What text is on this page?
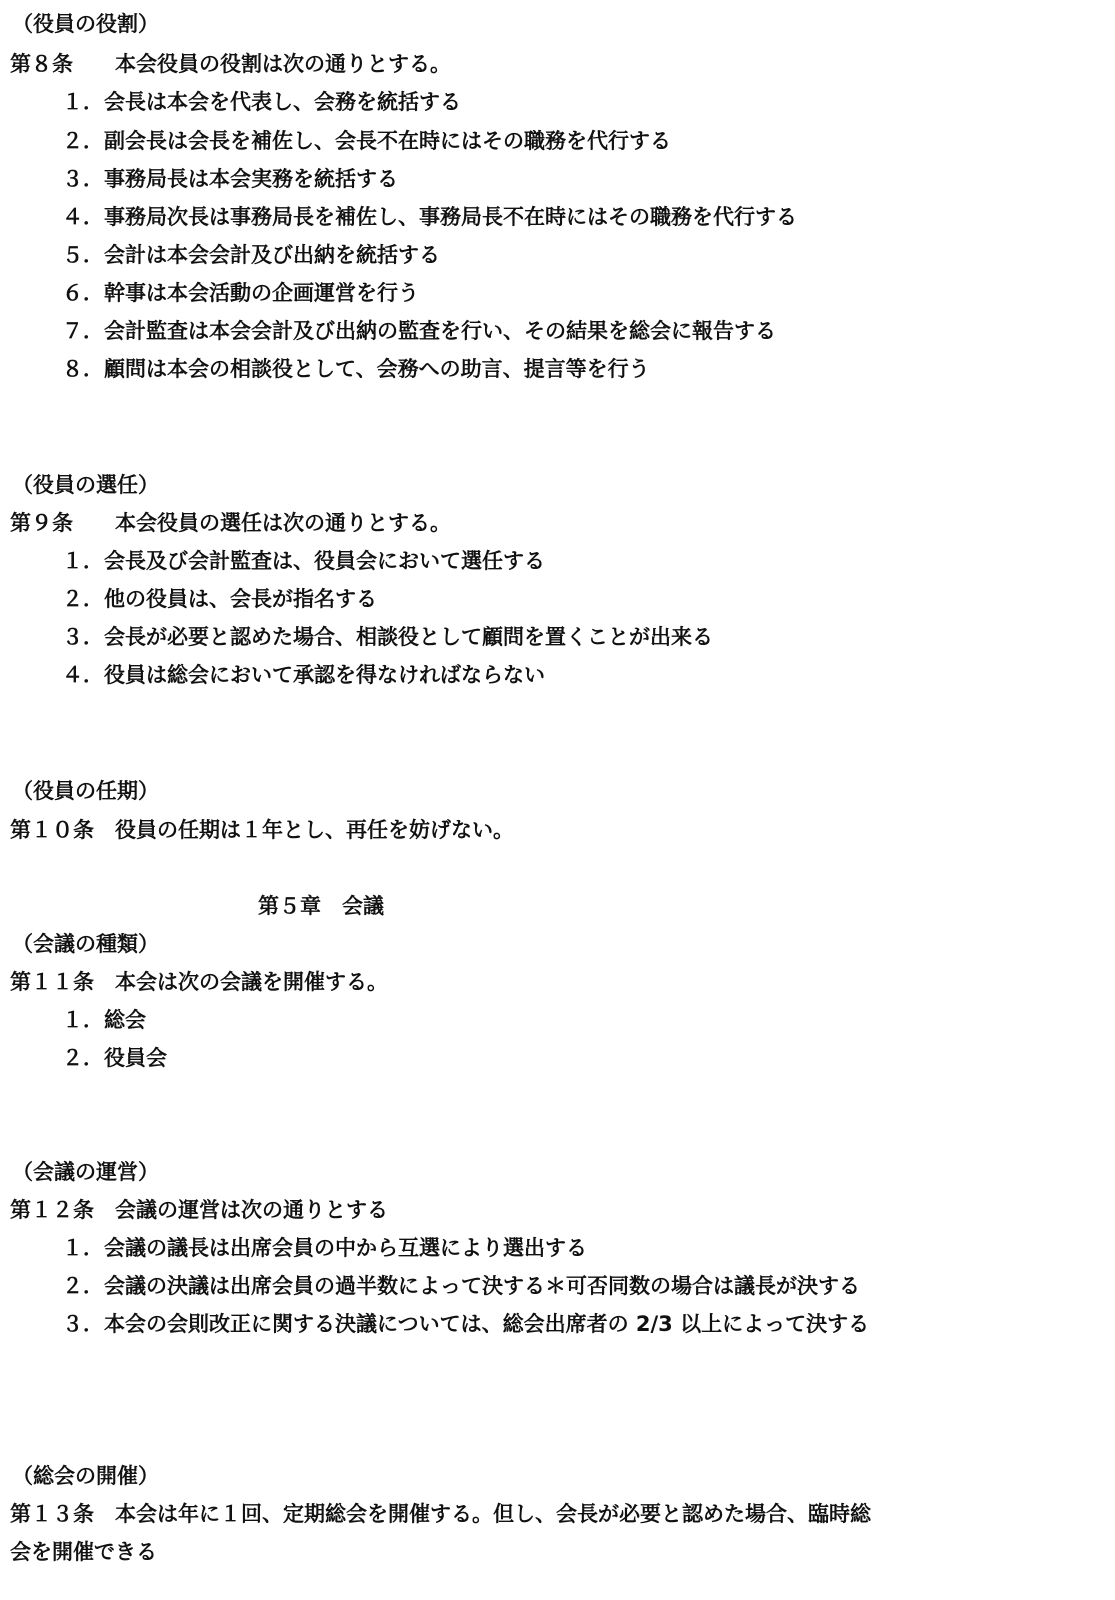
（役員の役割）
第８条　　本会役員の役割は次の通りとする。
１．会長は本会を代表し、会務を統括する
２．副会長は会長を補佐し、会長不在時にはその職務を代行する
３．事務局長は本会実務を統括する
４．事務局次長は事務局長を補佐し、事務局長不在時にはその職務を代行する
５．会計は本会会計及び出納を統括する
６．幹事は本会活動の企画運営を行う
７．会計監査は本会会計及び出納の監査を行い、その結果を総会に報告する
８．顧問は本会の相談役として、会務への助言、提言等を行う
（役員の選任）
第９条　　本会役員の選任は次の通りとする。
１．会長及び会計監査は、役員会において選任する
２．他の役員は、会長が指名する
３．会長が必要と認めた場合、相談役として顧問を置くことが出来る
４．役員は総会において承認を得なければならない
（役員の任期）
第１０条　役員の任期は１年とし、再任を妨げない。
第５章　会議
（会議の種類）
第１１条　本会は次の会議を開催する。
１．総会
２．役員会
（会議の運営）
第１２条　会議の運営は次の通りとする
１．会議の議長は出席会員の中から互選により選出する
２．会議の決議は出席会員の過半数によって決する＊可否同数の場合は議長が決する
３．本会の会則改正に関する決議については、総会出席者の 2/3 以上によって決する
（総会の開催）
第１３条　本会は年に１回、定期総会を開催する。但し、会長が必要と認めた場合、臨時総
会を開催できる
